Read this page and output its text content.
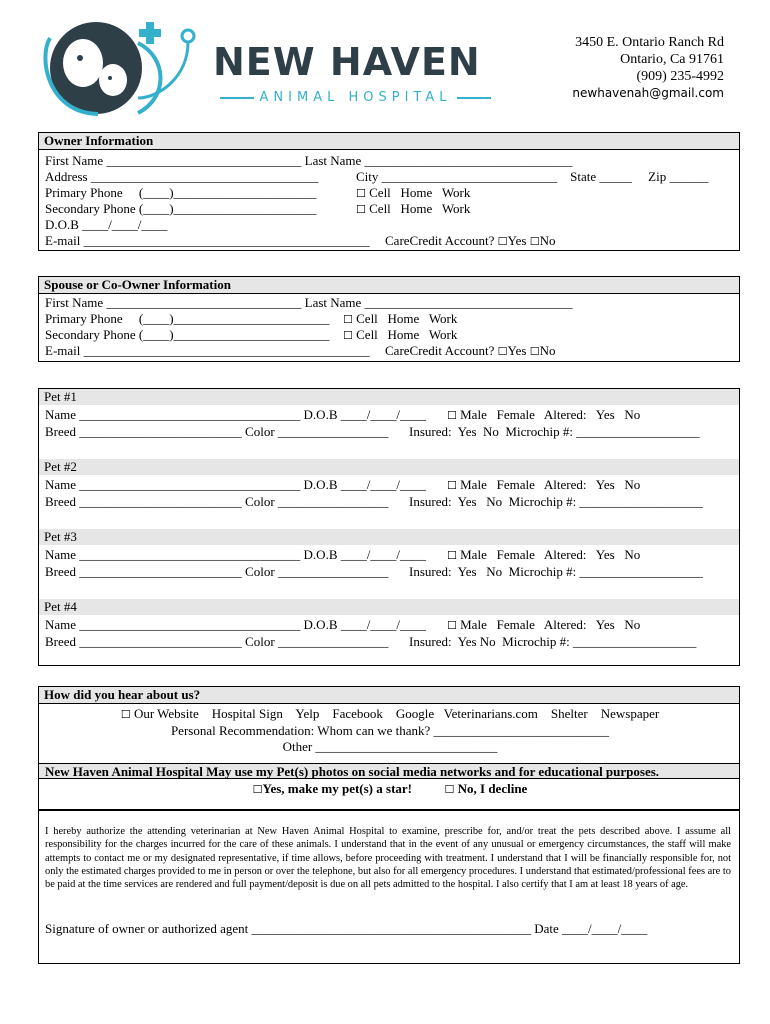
NEW HAVEN
ANIMAL HOSPITAL
3450 E. Ontario Ranch Rd
Ontario, Ca 91761
(909) 235-4992
newhavenah@gmail.com
Owner Information
First Name ______________________________ Last Name ________________________________
Address ___________________________________	City ___________________________    State _____     Zip ______
Primary Phone     (____)______________________	☐ Cell   Home   Work
Secondary Phone (____)______________________	☐ Cell   Home   Work
D.O.B ____/____/____
E-mail ____________________________________________ CareCredit Account? ☐Yes ☐No
Spouse or Co-Owner Information
First Name ______________________________ Last Name ________________________________
Primary Phone     (____)________________________ ☐ Cell   Home   Work
Secondary Phone (____)________________________ ☐ Cell   Home   Work
E-mail ____________________________________________ CareCredit Account? ☐Yes ☐No
Pet #1
Name __________________________________ D.O.B ____/____/____ ☐ Male   Female   Altered:   Yes   No
Breed _________________________ Color _________________ Insured:  Yes  No  Microchip #: ___________________
Pet #2
Name __________________________________ D.O.B ____/____/____ ☐ Male   Female   Altered:   Yes   No
Breed _________________________ Color _________________ Insured:  Yes   No  Microchip #: ___________________
Pet #3
Name __________________________________ D.O.B ____/____/____ ☐ Male   Female   Altered:   Yes   No
Breed _________________________ Color _________________ Insured:  Yes   No  Microchip #: ___________________
Pet #4
Name __________________________________ D.O.B ____/____/____ ☐ Male   Female   Altered:   Yes   No
Breed _________________________ Color _________________ Insured:  Yes No  Microchip #: ___________________
How did you hear about us?
☐ Our Website    Hospital Sign    Yelp    Facebook    Google   Veterinarians.com    Shelter    Newspaper
Personal Recommendation: Whom can we thank? ___________________________
Other ____________________________
New Haven Animal Hospital May use my Pet(s) photos on social media networks and for educational purposes.
☐Yes, make my pet(s) a star!	☐ No, I decline
I hereby authorize the attending veterinarian at New Haven Animal Hospital to examine, prescribe for, and/or treat the pets described above. I assume all responsibility for the charges incurred for the care of these animals. I understand that in the event of any unusual or emergency circumstances, the staff will make attempts to contact me or my designated representative, if time allows, before proceeding with treatment. I understand that I will be financially responsible for, not only the estimated charges provided to me in person or over the telephone, but also for all emergency procedures. I understand that estimated/professional fees are to be paid at the time services are rendered and full payment/deposit is due on all pets admitted to the hospital. I also certify that I am at least 18 years of age.
Signature of owner or authorized agent ___________________________________________ Date ____/____/____
